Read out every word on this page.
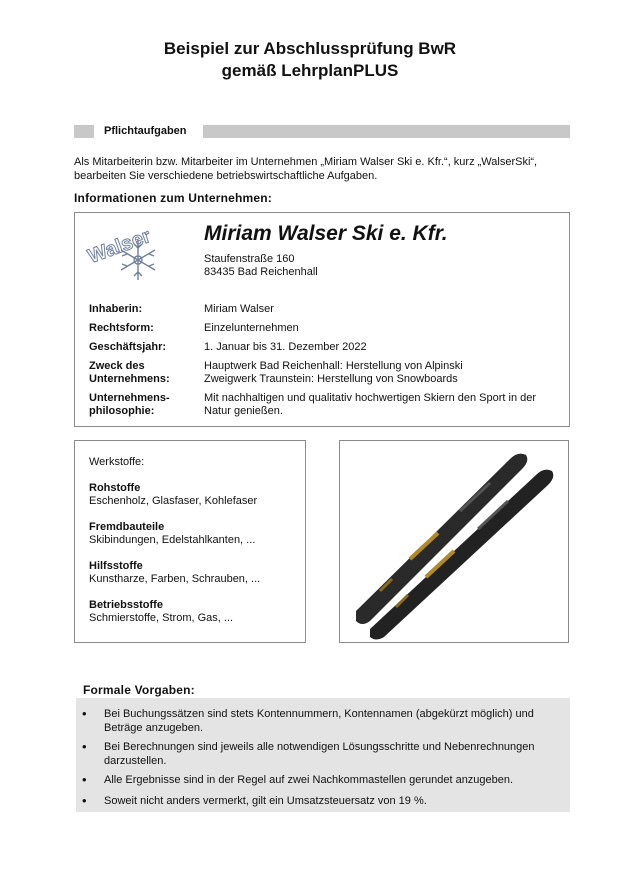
Beispiel zur Abschlussprüfung BwR
gemäß LehrplanPLUS
Pflichtaufgaben
Als Mitarbeiterin bzw. Mitarbeiter im Unternehmen „Miriam Walser Ski e. Kfr.“, kurz „WalserSki“, bearbeiten Sie verschiedene betriebswirtschaftliche Aufgaben.
Informationen zum Unternehmen:
Walser Miriam Walser Ski e. Kfr.
Staufenstraße 160
83435 Bad Reichenhall
Inhaberin:	Miriam Walser
Rechtsform:	Einzelunternehmen
Geschäftsjahr:	1. Januar bis 31. Dezember 2022
Zweck des Unternehmens:
Hauptwerk Bad Reichenhall: Herstellung von Alpinski
Zweigwerk Traunstein: Herstellung von Snowboards
Unternehmens-philosophie:
Mit nachhaltigen und qualitativ hochwertigen Skiern den Sport in der Natur genießen.
Werkstoffe:
Rohstoffe
Eschenholz, Glasfaser, Kohlefaser
Fremdbauteile
Skibindungen, Edelstahlkanten, ...
Hilfsstoffe
Kunstharze, Farben, Schrauben, ...
Betriebsstoffe
Schmierstoffe, Strom, Gas, ...
Formale Vorgaben:
• Bei Buchungssätzen sind stets Kontennummern, Kontennamen (abgekürzt möglich) und Beträge anzugeben.
• Bei Berechnungen sind jeweils alle notwendigen Lösungsschritte und Nebenrechnungen darzustellen.
• Alle Ergebnisse sind in der Regel auf zwei Nachkommastellen gerundet anzugeben.
• Soweit nicht anders vermerkt, gilt ein Umsatzsteuersatz von 19 %.
